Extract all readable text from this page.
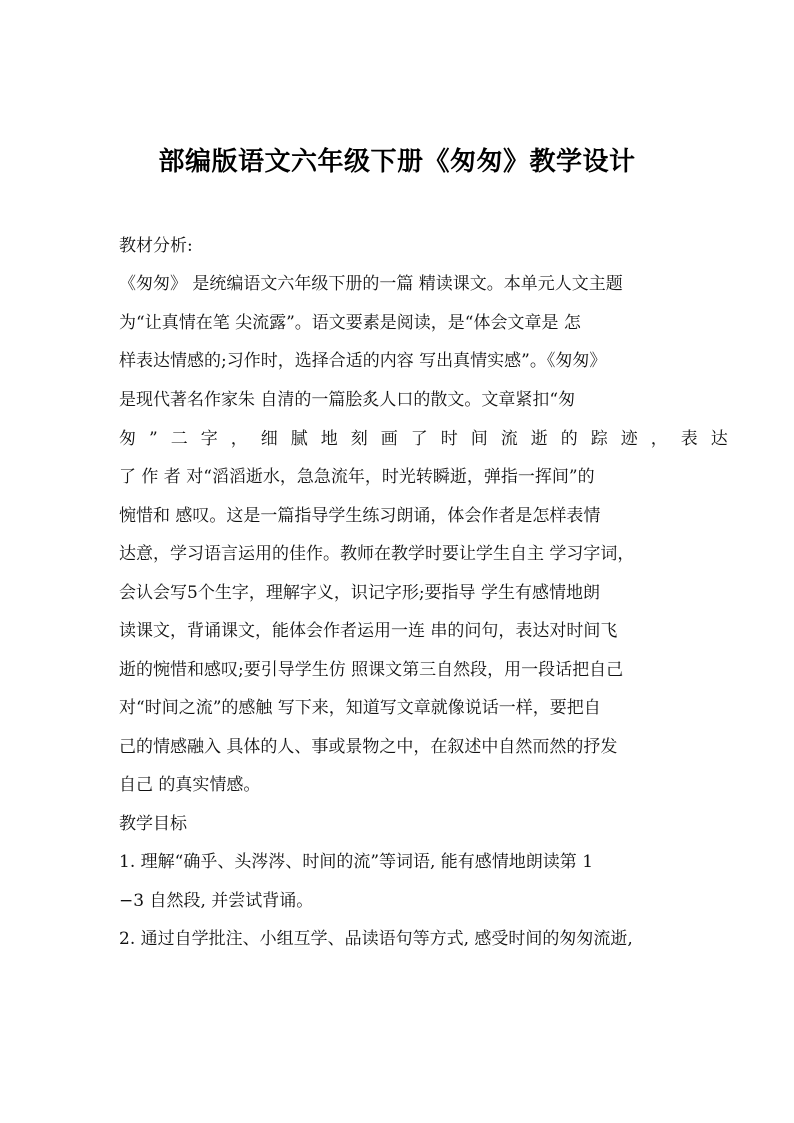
部编版语文六年级下册《匆匆》教学设计
教材分析:
《匆匆》 是统编语文六年级下册的一篇 精读课文。本单元人文主题
为“让真情在笔 尖流露”。语文要素是阅读，是“体会文章是 怎
样表达情感的;习作时，选择合适的内容 写出真情实感”。《匆匆》
是现代著名作家朱 自清的一篇脍炙人口的散文。文章紧扣“匆
匆”二字，细腻地刻画了时间流逝的踪迹，表达
了 作 者 对“滔滔逝水，急急流年，时光转瞬逝，弹指一挥间”的
惋惜和 感叹。这是一篇指导学生练习朗诵，体会作者是怎样表情
达意，学习语言运用的佳作。教师在教学时要让学生自主 学习字词，
会认会写5个生字，理解字义，识记字形;要指导 学生有感情地朗
读课文，背诵课文，能体会作者运用一连 串的问句，表达对时间飞
逝的惋惜和感叹;要引导学生仿 照课文第三自然段，用一段话把自己
对“时间之流”的感触 写下来，知道写文章就像说话一样，要把自
己的情感融入 具体的人、事或景物之中，在叙述中自然而然的抒发
自己 的真实情感。
教学目标
1. 理解“确乎、头涔涔、时间的流”等词语, 能有感情地朗读第 1
−3 自然段, 并尝试背诵。
2. 通过自学批注、小组互学、品读语句等方式, 感受时间的匆匆流逝,
